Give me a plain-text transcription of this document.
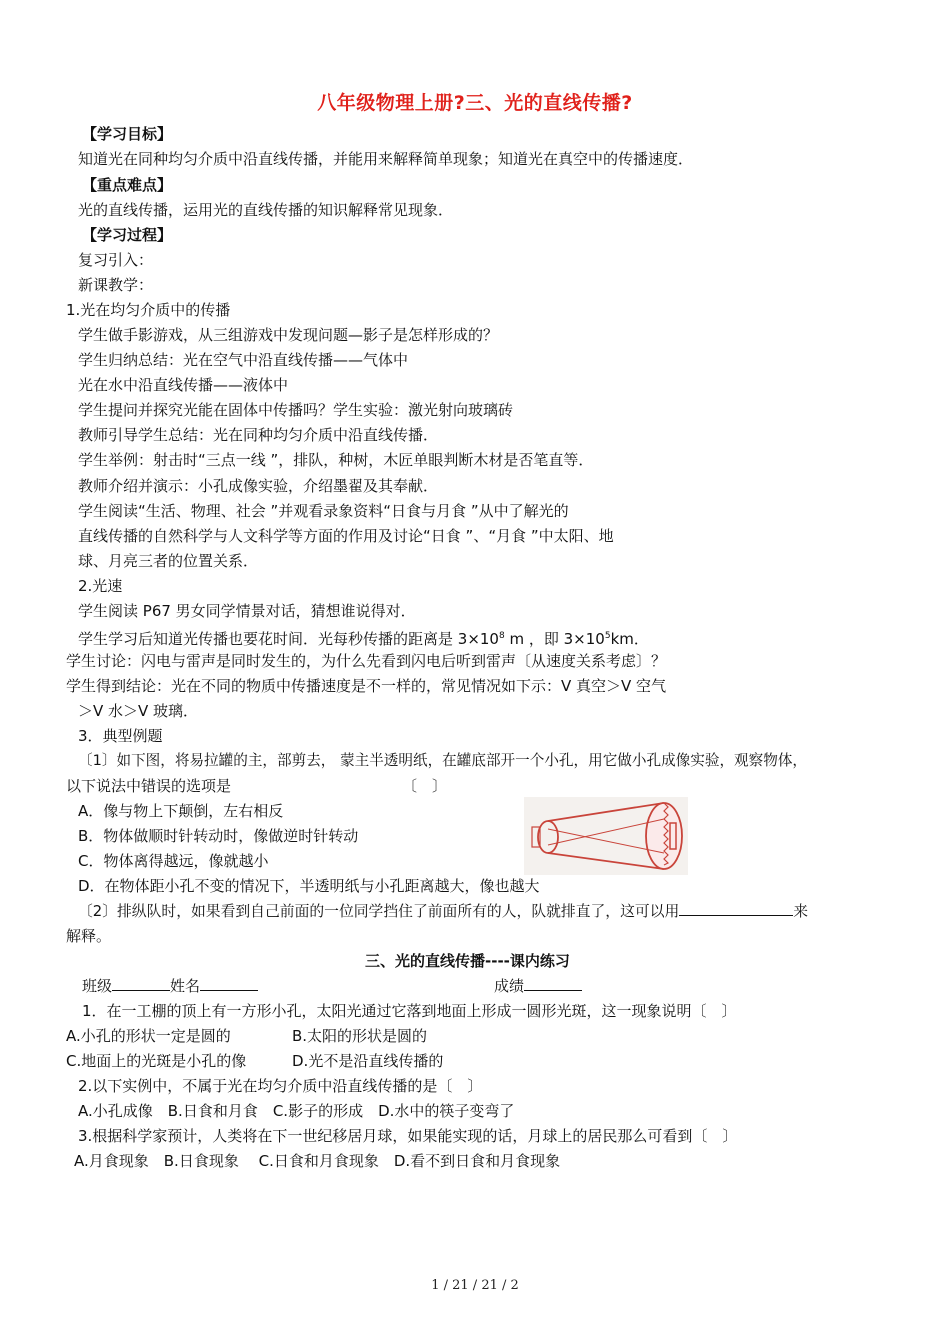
八年级物理上册?三、光的直线传播?
【学习目标】
知道光在同种均匀介质中沿直线传播，并能用来解释简单现象；知道光在真空中的传播速度．
【重点难点】
光的直线传播，运用光的直线传播的知识解释常见现象．
【学习过程】
复习引入：
新课教学：
1.光在均匀介质中的传播
学生做手影游戏，从三组游戏中发现问题—影子是怎样形成的？
学生归纳总结：光在空气中沿直线传播——气体中
光在水中沿直线传播——液体中
学生提问并探究光能在固体中传播吗？学生实验：激光射向玻璃砖
教师引导学生总结：光在同种均匀介质中沿直线传播．
学生举例：射击时“三点一线 ”，排队，种树，木匠单眼判断木材是否笔直等．
教师介绍并演示：小孔成像实验，介绍墨翟及其奉献．
学生阅读“生活、物理、社会 ”并观看录象资料“日食与月食 ”从中了解光的
直线传播的自然科学与人文科学等方面的作用及讨论“日食 ”、“月食 ”中太阳、地
球、月亮三者的位置关系．
2.光速
学生阅读 P67 男女同学情景对话，猜想谁说得对．
学生学习后知道光传播也要花时间．光每秒传播的距离是 $3\times 10^8$ m ，即 $3\times 10^5km$．
学生讨论：闪电与雷声是同时发生的，为什么先看到闪电后听到雷声〔从速度关系考虑〕？
学生得到结论：光在不同的物质中传播速度是不一样的，常见情况如下示：V 真空＞V 空气
＞V 水＞V 玻璃．
3．典型例题
〔1〕如下图，将易拉罐的主，部剪去， 蒙主半透明纸，在罐底部开一个小孔，用它做小孔成像实验，观察物体，
以下说法中错误的选项是	〔　〕
A．像与物上下颠倒，左右相反
B．物体做顺时针转动时，像做逆时针转动
C．物体离得越远，像就越小
D．在物体距小孔不变的情况下，半透明纸与小孔距离越大，像也越大
〔2〕排纵队时，如果看到自己前面的一位同学挡住了前面所有的人，队就排直了，这可以用	来
解释。
三、光的直线传播----课内练习
班级	姓名	成绩
1．在一工棚的顶上有一方形小孔，太阳光通过它落到地面上形成一圆形光斑，这一现象说明〔　〕
A.小孔的形状一定是圆的	B.太阳的形状是圆的
C.地面上的光斑是小孔的像	D.光不是沿直线传播的
2.以下实例中，不属于光在均匀介质中沿直线传播的是〔　〕
A.小孔成像　B.日食和月食　C.影子的形成　D.水中的筷子变弯了
3.根据科学家预计，人类将在下一世纪移居月球，如果能实现的话，月球上的居民那么可看到〔　〕
A.月食现象　B.日食现象　 C.日食和月食现象　D.看不到日食和月食现象
1 / 21 / 21 / 2
